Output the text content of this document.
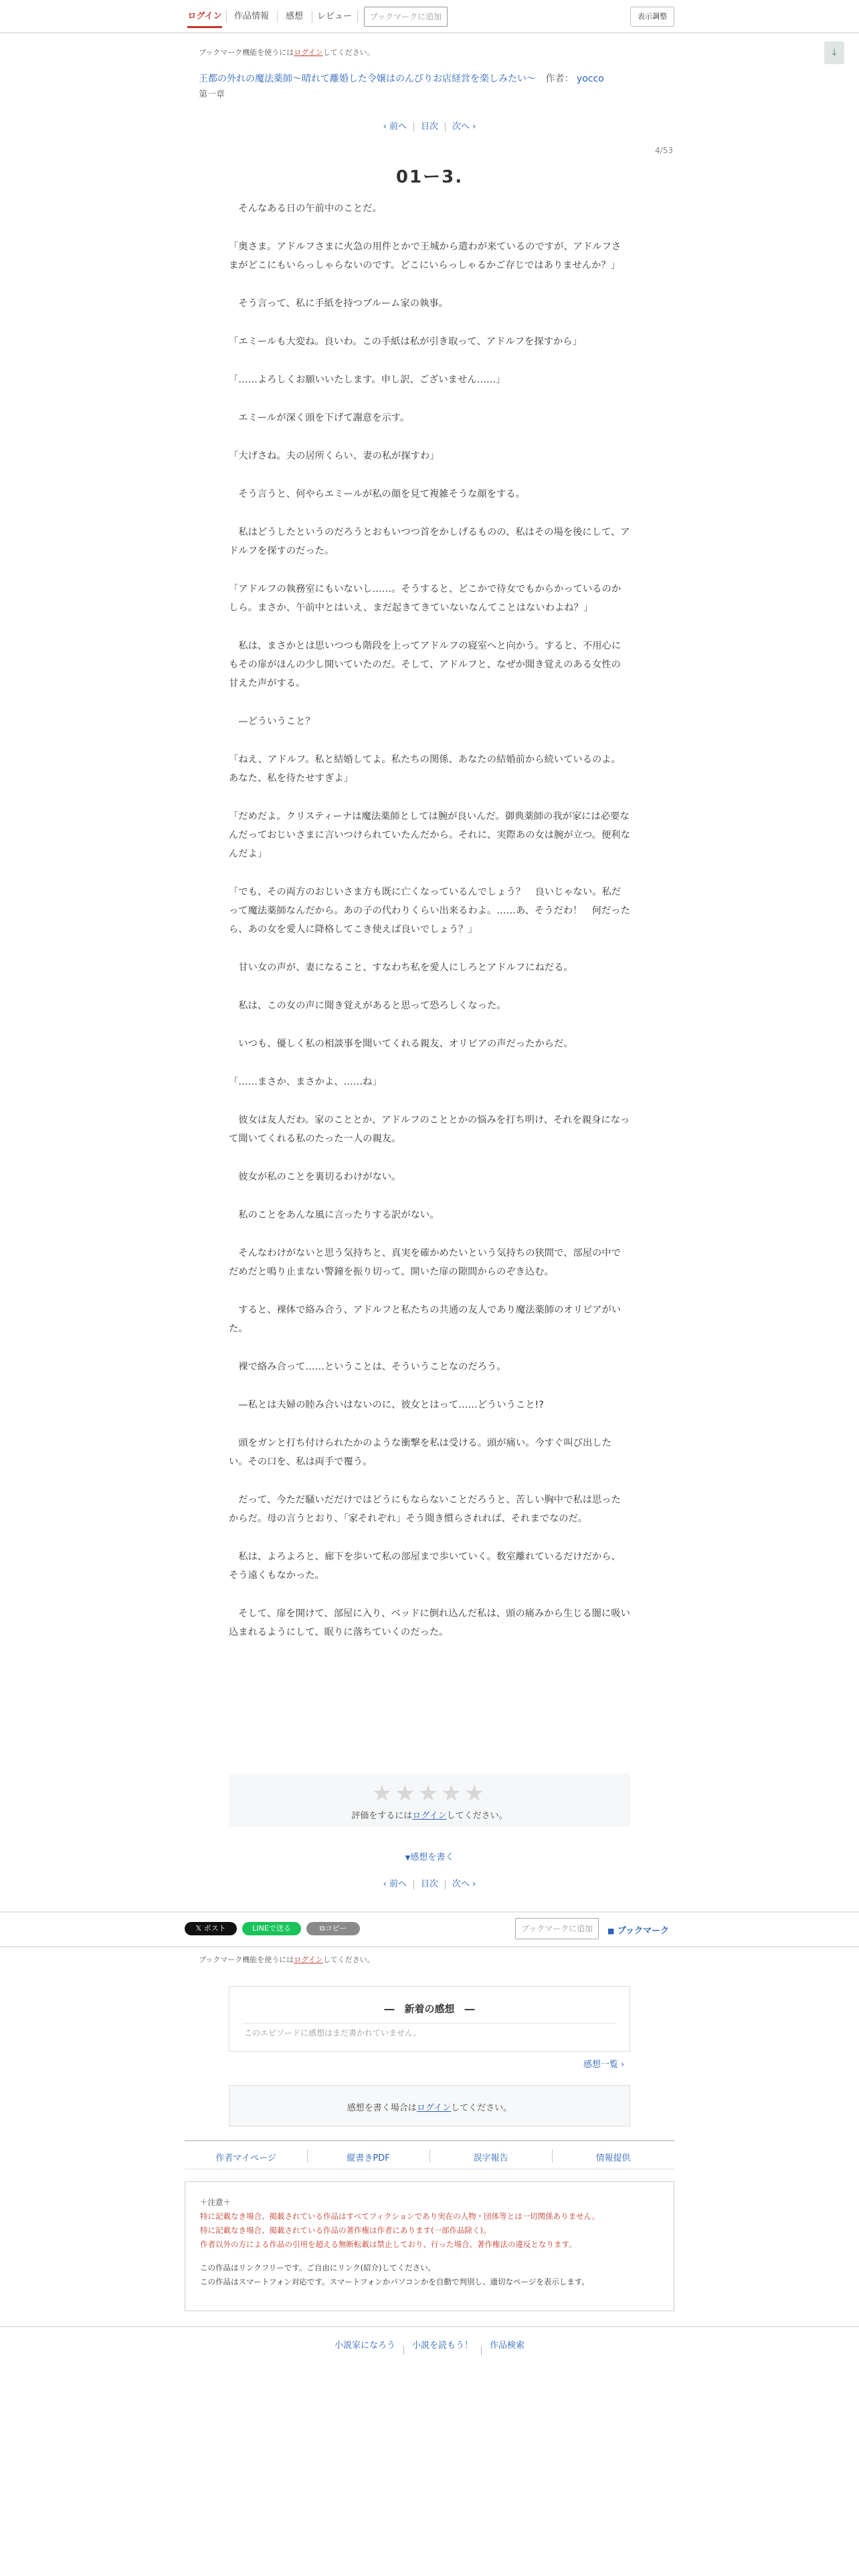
ログイン	作品情報	感想	レビュー	ブックマークに追加	表示調整
↓
ブックマーク機能を使うにはログインしてください。
王都の外れの魔法薬師〜晴れて離婚した令嬢はのんびりお店経営を楽しみたい〜 作者： yocco
第一章
‹ 前へ 目次 次へ ›
4/53
01ー3.

　そんなある日の午前中のことだ。

「奥さま。アドルフさまに火急の用件とかで王城から遣わが来ているのですが、アドルフさまがどこにもいらっしゃらないのです。どこにいらっしゃるかご存じではありませんか？」

　そう言って、私に手紙を持つブルーム家の執事。

「エミールも大変ね。良いわ。この手紙は私が引き取って、アドルフを探すから」

「……よろしくお願いいたします。申し訳、ございません……」

　エミールが深く頭を下げて謝意を示す。

「大げさね。夫の居所くらい、妻の私が探すわ」

　そう言うと、何やらエミールが私の顔を見て複雑そうな顔をする。

　私はどうしたというのだろうとおもいつつ首をかしげるものの、私はその場を後にして、アドルフを探すのだった。

「アドルフの執務室にもいないし……。そうすると、どこかで待女でもからかっているのかしら。まさか、午前中とはいえ、まだ起きてきていないなんてことはないわよね？」

　私は、まさかとは思いつつも階段を上ってアドルフの寝室へと向かう。すると、不用心にもその扉がほんの少し開いていたのだ。そして、アドルフと、なぜか聞き覚えのある女性の甘えた声がする。

　—どういうこと？

「ねえ、アドルフ。私と結婚してよ。私たちの関係、あなたの結婚前から続いているのよ。あなた、私を待たせすぎよ」

「だめだよ。クリスティーナは魔法薬師としては腕が良いんだ。御典薬師の我が家には必要なんだっておじいさまに言いつけられていたんだから。それに、実際あの女は腕が立つ。便利なんだよ」

「でも、その両方のおじいさま方も既に亡くなっているんでしょう？　良いじゃない。私だって魔法薬師なんだから。あの子の代わりくらい出来るわよ。……あ、そうだわ！　何だったら、あの女を愛人に降格してこき使えば良いでしょう？」

　甘い女の声が、妻になること、すなわち私を愛人にしろとアドルフにねだる。

　私は、この女の声に聞き覚えがあると思って恐ろしくなった。

　いつも、優しく私の相談事を聞いてくれる親友、オリビアの声だったからだ。

「……まさか、まさかよ、……ね」

　彼女は友人だわ。家のこととか、アドルフのこととかの悩みを打ち明け、それを親身になって聞いてくれる私のたった一人の親友。

　彼女が私のことを裏切るわけがない。

　私のことをあんな風に言ったりする訳がない。

　そんなわけがないと思う気持ちと、真実を確かめたいという気持ちの狭間で、部屋の中でだめだと鳴り止まない警鐘を振り切って、開いた扉の隙間からのぞき込む。

　すると、裸体で絡み合う、アドルフと私たちの共通の友人であり魔法薬師のオリビアがいた。

　裸で絡み合って……ということは、そういうことなのだろう。

　—私とは夫婦の睦み合いはないのに、彼女とはって……どういうこと!?

　頭をガンと打ち付けられたかのような衝撃を私は受ける。頭が痛い。今すぐ叫び出したい。その口を、私は両手で覆う。

　だって、今ただ騒いだだけではどうにもならないことだろうと、苦しい胸中で私は思ったからだ。母の言うとおり、「家それぞれ」そう聞き慣らされれば、それまでなのだ。

　私は、よろよろと、廊下を歩いて私の部屋まで歩いていく。数室離れているだけだから、そう遠くもなかった。

　そして、扉を開けて、部屋に入り、ベッドに倒れ込んだ私は、頭の痛みから生じる闇に吸い込まれるようにして、眠りに落ちていくのだった。

★★★★★
評価をするにはログインしてください。
▼感想を書く
‹ 前へ 目次 次へ ›
𝕏 ポスト	LINEで送る	⧉コピー	ブックマークに追加	■ ブックマーク
ブックマーク機能を使うにはログインしてください。
―　新着の感想　―
このエピソードに感想はまだ書かれていません。
感想一覧 ›
感想を書く場合はログインしてください。
作者マイページ	縦書きPDF	誤字報告	情報提供
＋注意＋
特に記載なき場合、掲載されている作品はすべてフィクションであり実在の人物・団体等とは一切関係ありません。
特に記載なき場合、掲載されている作品の著作権は作者にあります(一部作品除く)。
作者以外の方による作品の引用を超える無断転載は禁止しており、行った場合、著作権法の違反となります。
この作品はリンクフリーです。ご自由にリンク(紹介)してください。
この作品はスマートフォン対応です。スマートフォンかパソコンかを自動で判別し、適切なページを表示します。
小説家になろう 小説を読もう！ 作品検索
